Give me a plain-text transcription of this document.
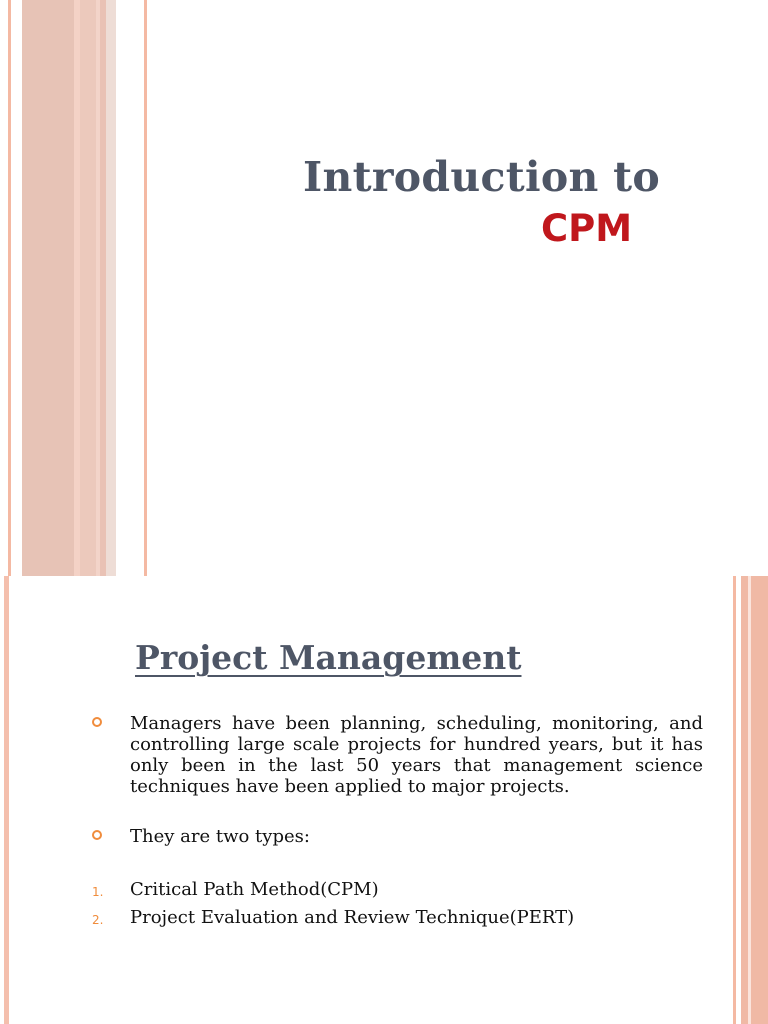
Introduction to
CPM
Project Management
Managers have been planning, scheduling, monitoring, and controlling large scale projects for hundred years, but it has only been in the last 50 years that management science techniques have been applied to major projects.
They are two types:
1. Critical Path Method(CPM)
2. Project Evaluation and Review Technique(PERT)
